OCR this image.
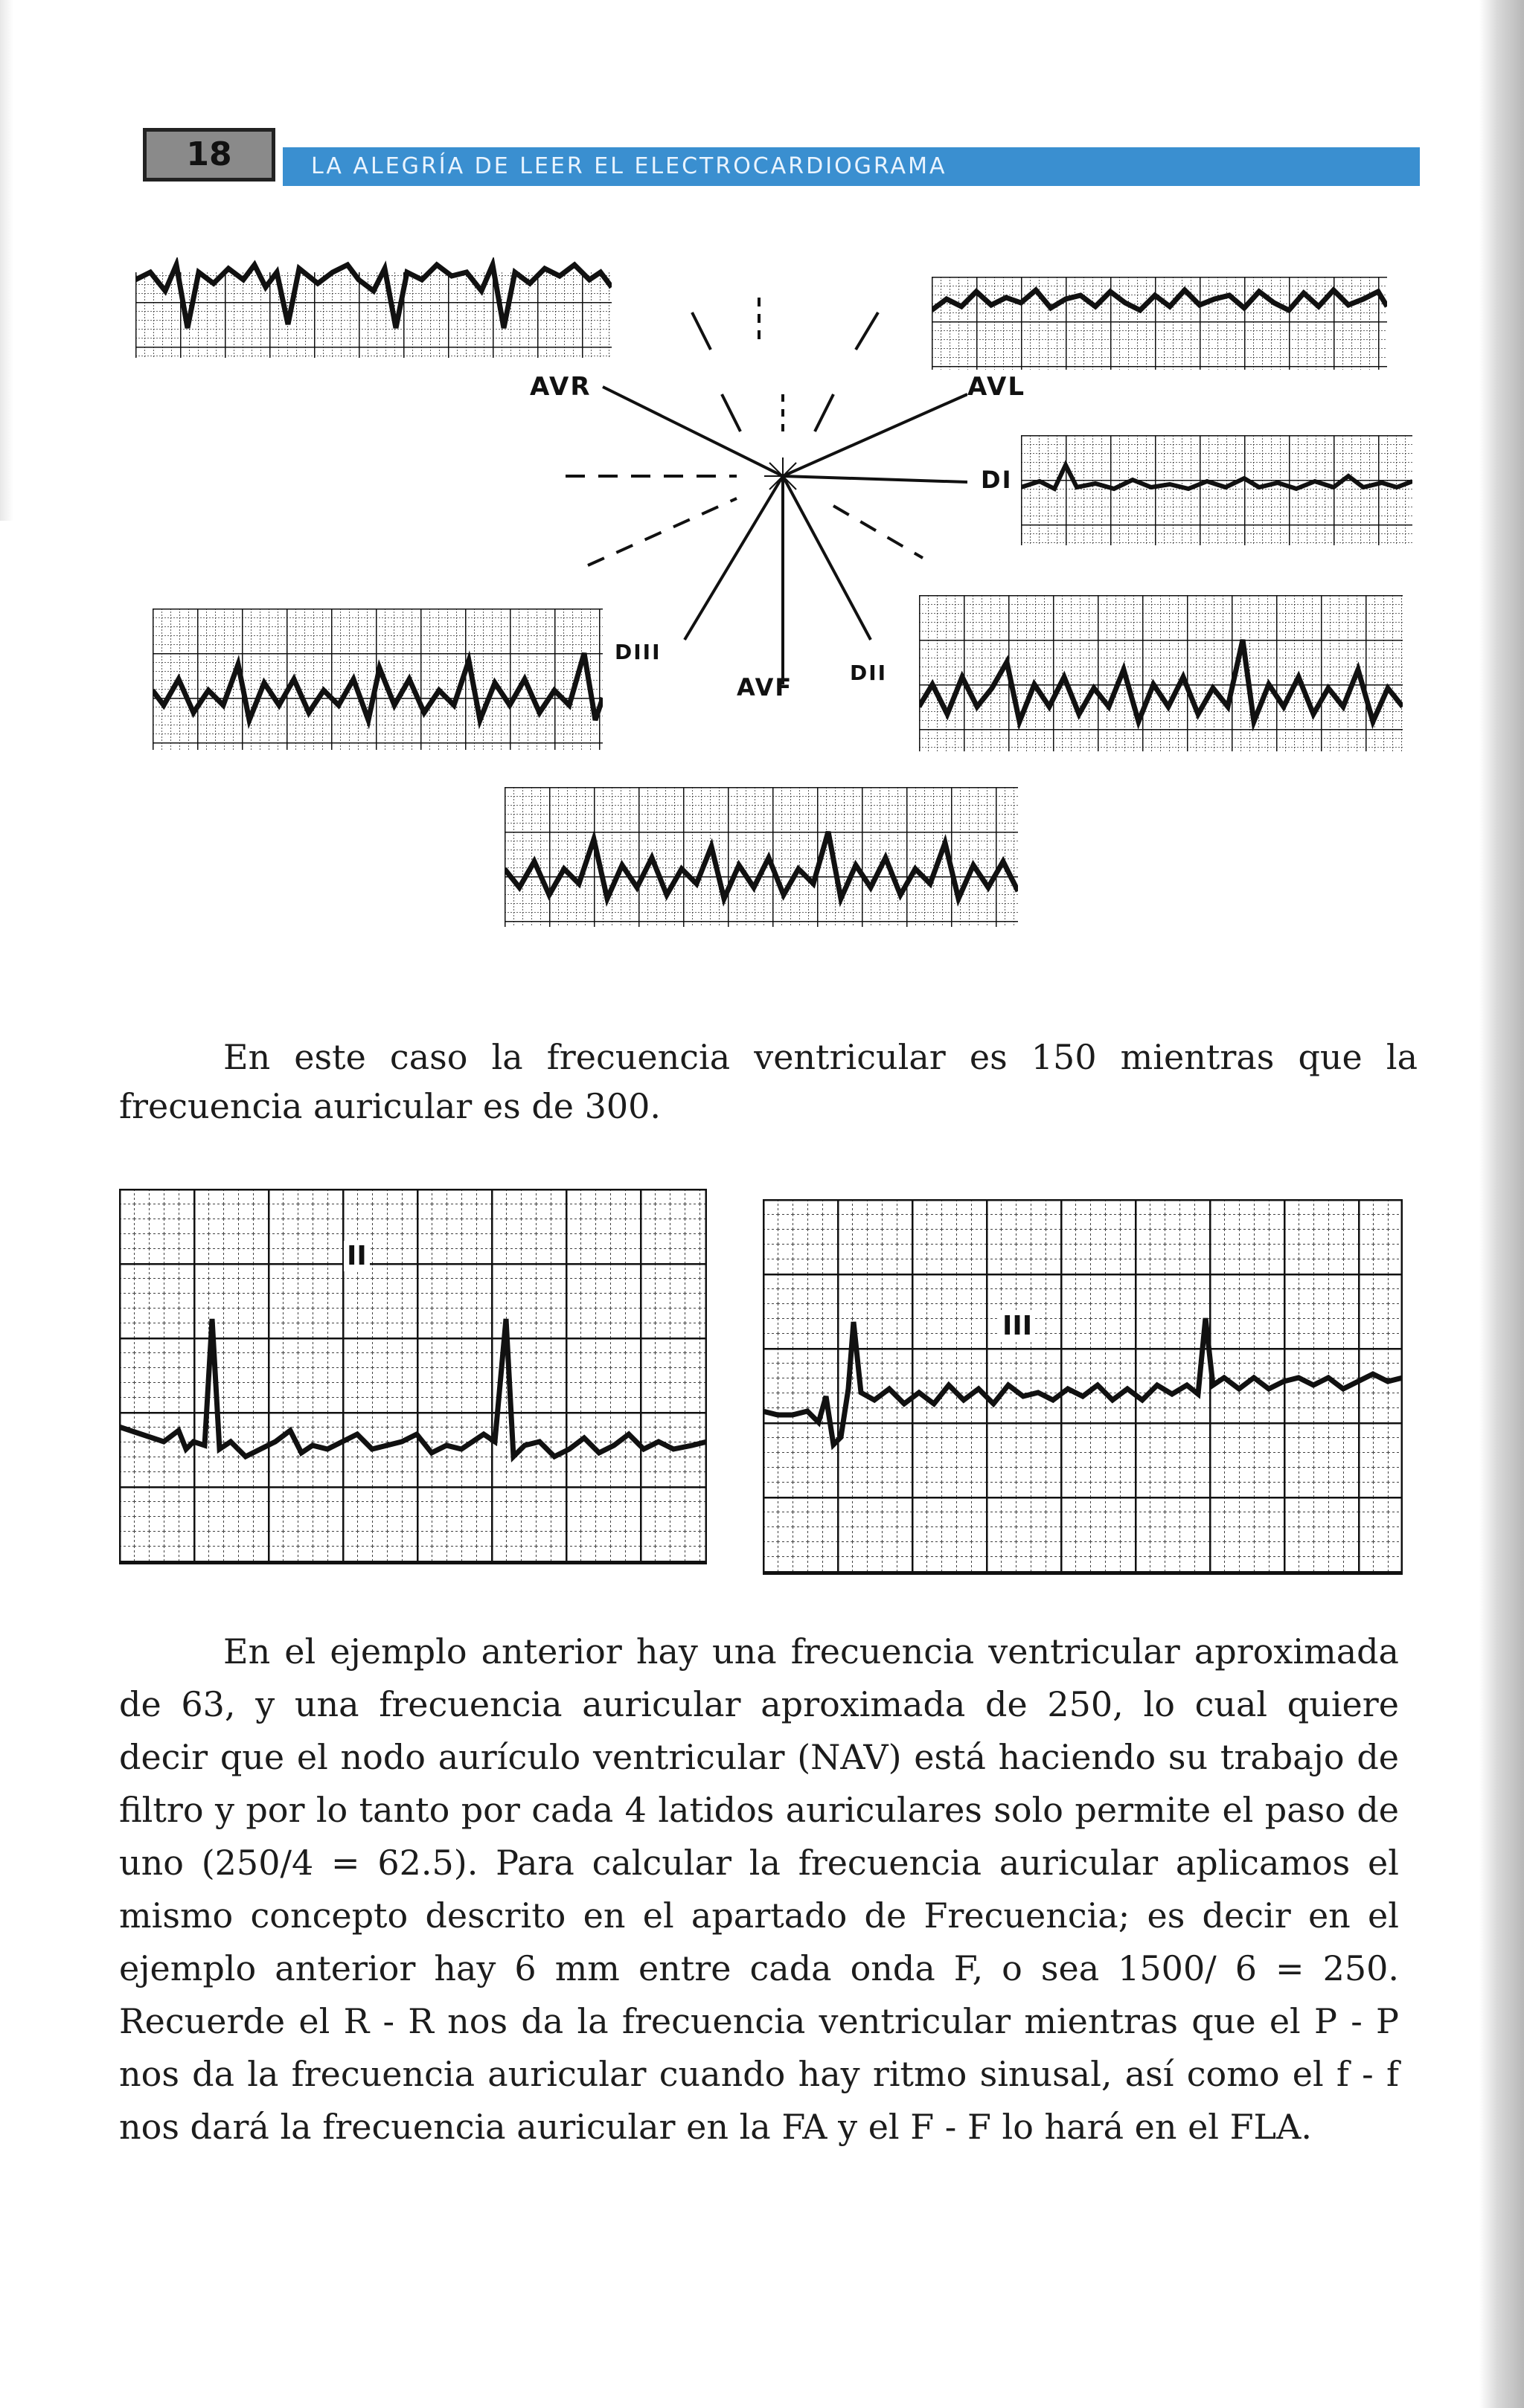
18	LA ALEGRÍA DE LEER EL ELECTROCARDIOGRAMA
AVR	AVL
DI
DIII
AVF
DII
En este caso la frecuencia ventricular es 150 mientras que la frecuencia auricular es de 300.
II
III
En el ejemplo anterior hay una frecuencia ventricular aproximada de 63, y una frecuencia auricular aproximada de 250, lo cual quiere decir que el nodo aurículo ventricular (NAV) está haciendo su trabajo de filtro y por lo tanto por cada 4 latidos auriculares solo permite el paso de uno (250/4 = 62.5). Para calcular la frecuencia auricular aplicamos el mismo concepto descrito en el apartado de Frecuencia; es decir en el ejemplo anterior hay 6 mm entre cada onda F, o sea 1500/ 6 = 250. Recuerde el R - R nos da la frecuencia ventricular mientras que el P - P nos da la frecuencia auricular cuando hay ritmo sinusal, así como el f - f nos dará la frecuencia auricular en la FA y el F - F lo hará en el FLA.
